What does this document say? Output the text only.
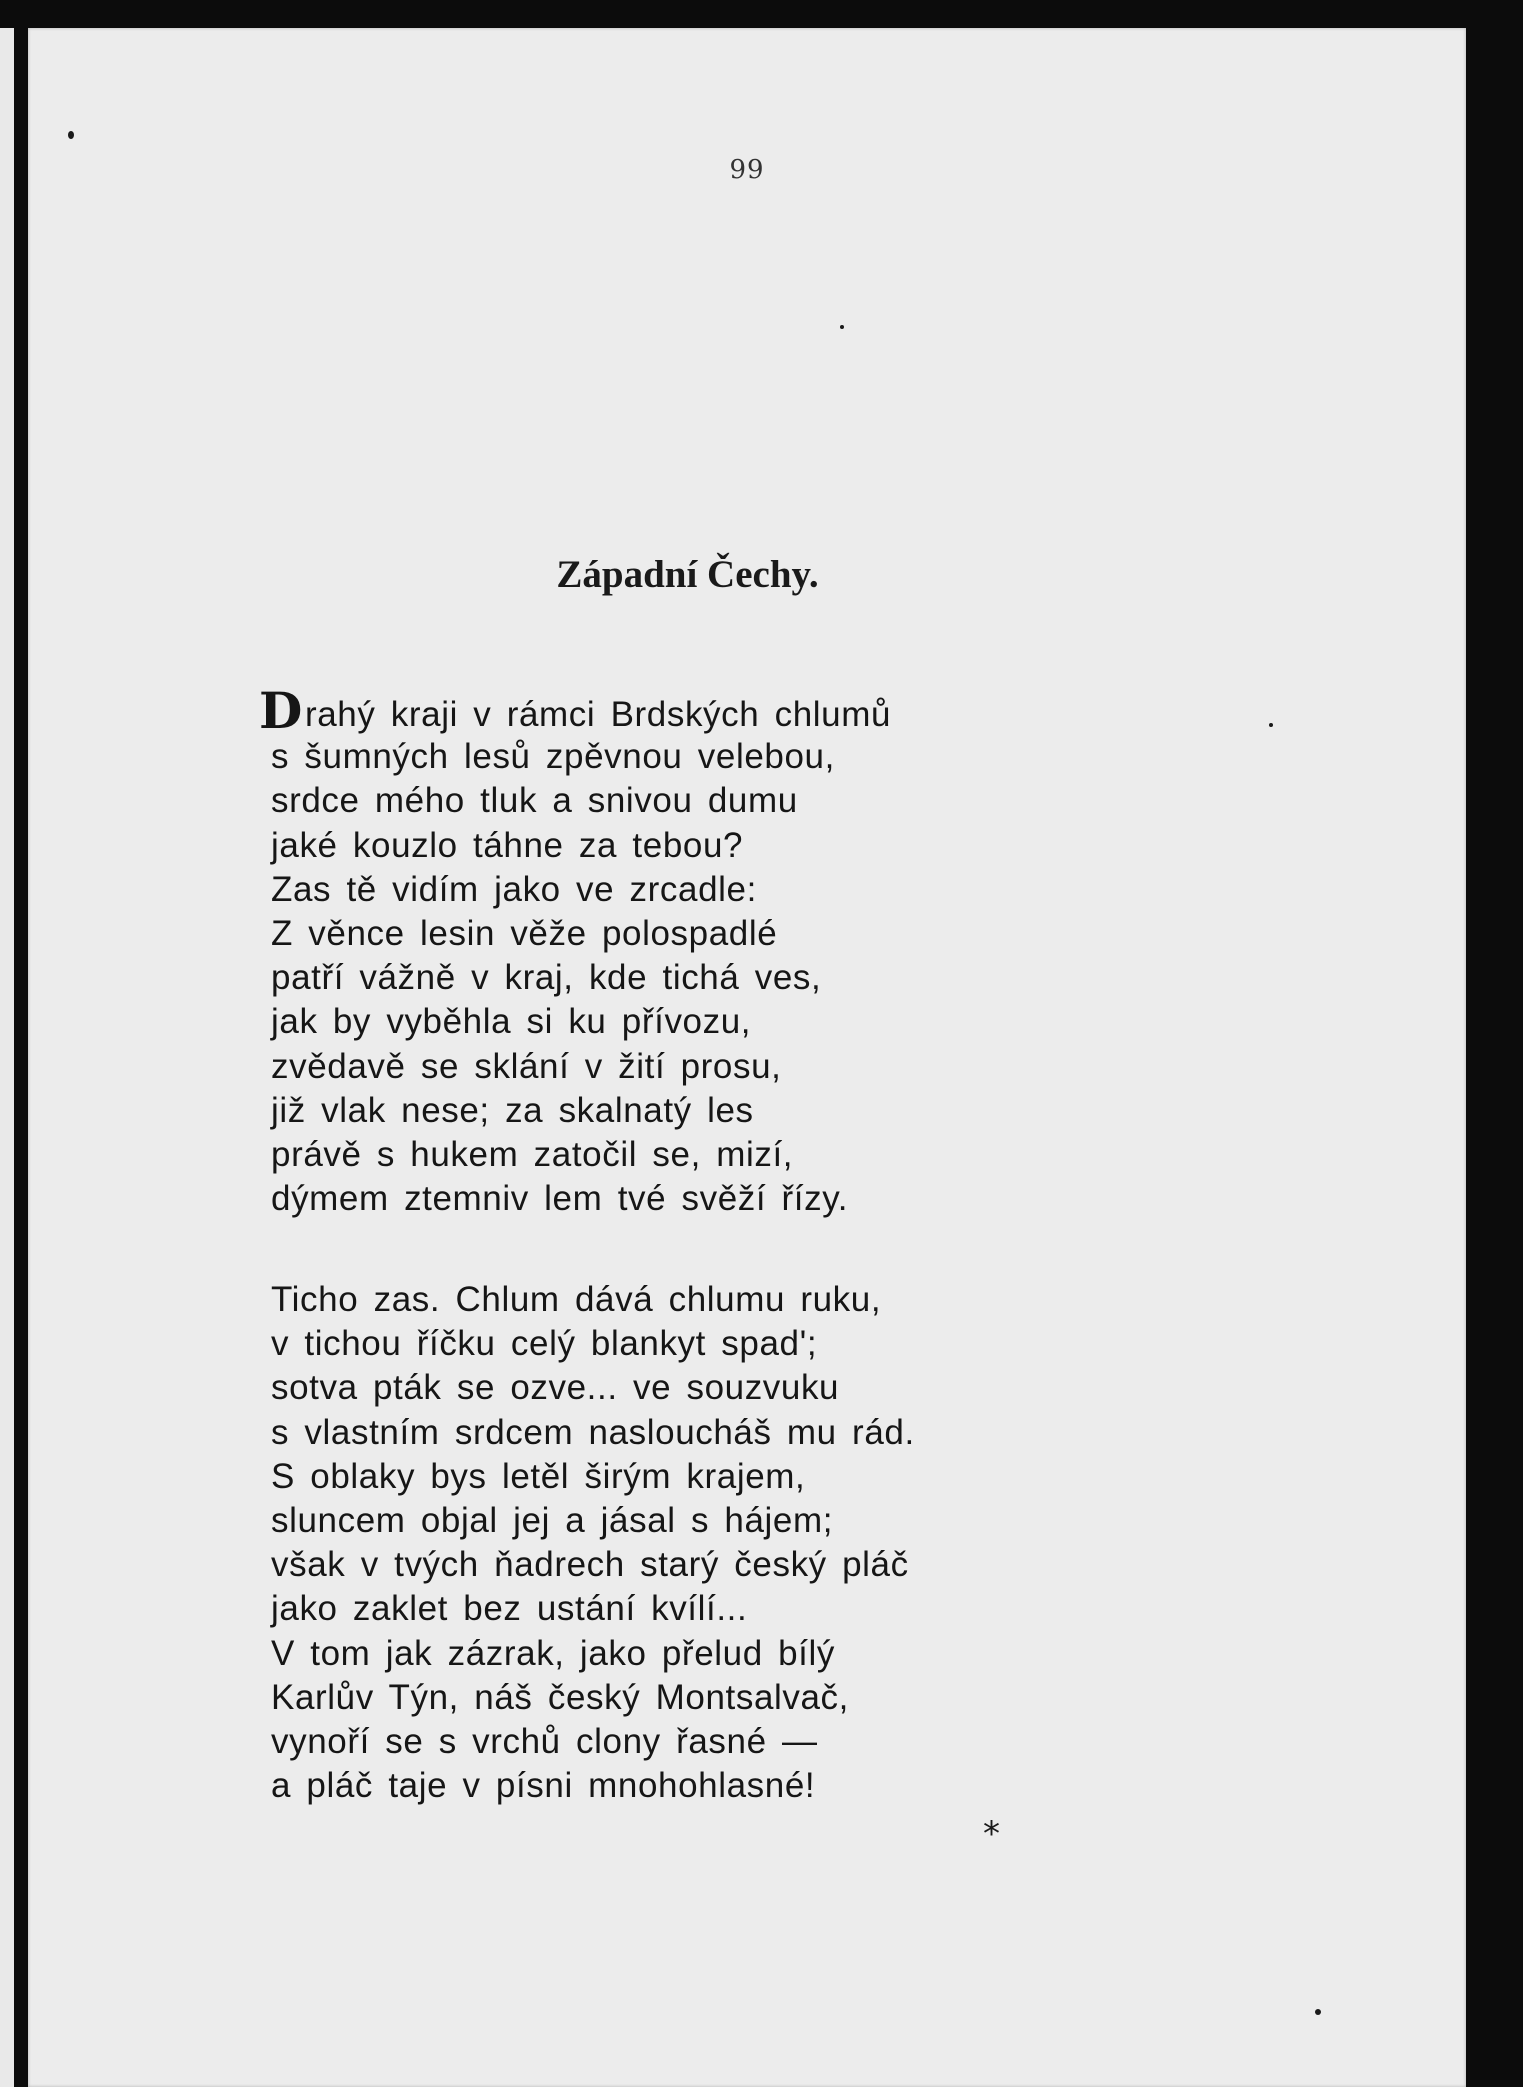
99
Západní Čechy.
Drahý kraji v rámci Brdských chlumů
s šumných lesů zpěvnou velebou,
srdce mého tluk a snivou dumu
jaké kouzlo táhne za tebou?
Zas tě vidím jako ve zrcadle:
Z věnce lesin věže polospadlé
patří vážně v kraj, kde tichá ves,
jak by vyběhla si ku přívozu,
zvědavě se sklání v žití prosu,
již vlak nese; za skalnatý les
právě s hukem zatočil se, mizí,
dýmem ztemniv lem tvé svěží řízy.
Ticho zas. Chlum dává chlumu ruku,
v tichou říčku celý blankyt spad';
sotva pták se ozve... ve souzvuku
s vlastním srdcem nasloucháš mu rád.
S oblaky bys letěl širým krajem,
sluncem objal jej a jásal s hájem;
však v tvých ňadrech starý český pláč
jako zaklet bez ustání kvílí...
V tom jak zázrak, jako přelud bílý
Karlův Týn, náš český Montsalvač,
vynoří se s vrchů clony řasné —
a pláč taje v písni mnohohlasné!
*
